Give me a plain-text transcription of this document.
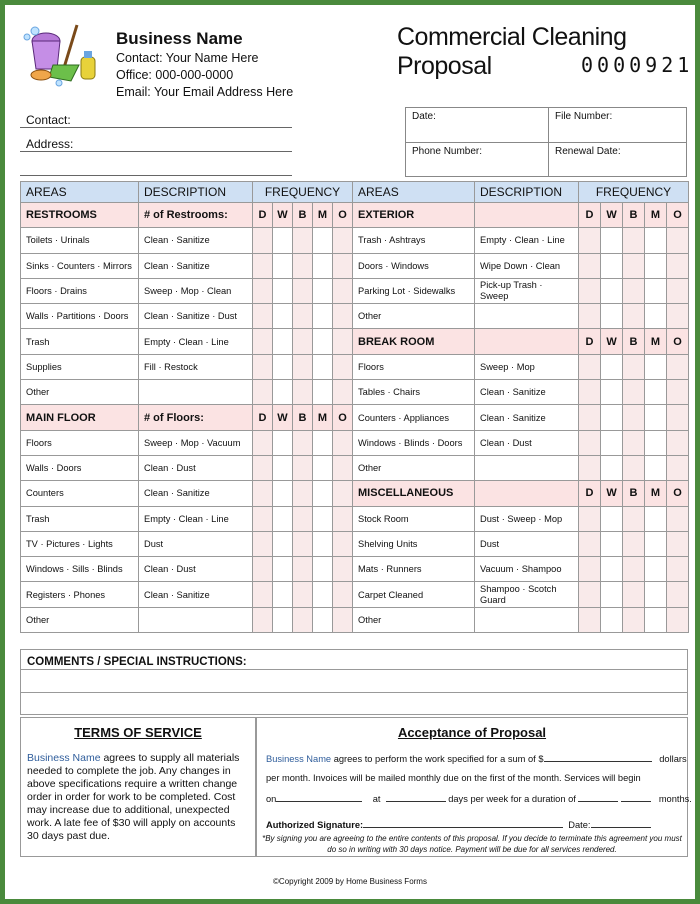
Business Name
Contact: Your Name Here
Office: 000-000-0000
Email: Your Email Address Here
Commercial Cleaning Proposal	0000921
Contact:
Address:
Date:	File Number:
Phone Number:	Renewal Date:
AREAS	DESCRIPTION	FREQUENCY					AREAS	DESCRIPTION	FREQUENCY				
RESTROOMS	# of Restrooms:	D	W	B	M	O	EXTERIOR		D	W	B	M	O
Toilets · Urinals	Clean · Sanitize						Trash · Ashtrays	Empty · Clean · Line					
Sinks · Counters · Mirrors	Clean · Sanitize						Doors · Windows	Wipe Down · Clean					
Floors · Drains	Sweep · Mop · Clean						Parking Lot · Sidewalks	Pick-up Trash · Sweep					
Walls · Partitions · Doors	Clean · Sanitize · Dust						Other						
Trash	Empty · Clean · Line						BREAK ROOM		D	W	B	M	O
Supplies	Fill · Restock						Floors	Sweep · Mop					
Other							Tables · Chairs	Clean · Sanitize					
MAIN FLOOR	# of Floors:	D	W	B	M	O	Counters · Appliances	Clean · Sanitize					
Floors	Sweep · Mop · Vacuum						Windows · Blinds · Doors	Clean · Dust					
Walls · Doors	Clean · Dust						Other						
Counters	Clean · Sanitize						MISCELLANEOUS		D	W	B	M	O
Trash	Empty · Clean · Line						Stock Room	Dust · Sweep · Mop					
TV · Pictures · Lights	Dust						Shelving Units	Dust					
Windows · Sills · Blinds	Clean · Dust						Mats · Runners	Vacuum · Shampoo					
Registers · Phones	Clean · Sanitize						Carpet Cleaned	Shampoo · Scotch Guard					
Other							Other						
COMMENTS / SPECIAL INSTRUCTIONS:
TERMS OF SERVICE
Business Name agrees to supply all materials needed to complete the job. Any changes in above specifications require a written change order in order for work to be completed. Cost may increase due to additional, unexpected work. A late fee of $30 will apply on accounts 30 days past due.
Acceptance of Proposal
Business Name agrees to perform the work specified for a sum of $	dollars
per month. Invoices will be mailed monthly due on the first of the month. Services will begin
on	at	days per week for a duration of	months.
Authorized Signature:	Date:
*By signing you are agreeing to the entire contents of this proposal. If you decide to terminate this agreement you must do so in writing with 30 days notice. Payment will be due for all services rendered.
©Copyright 2009 by Home Business Forms
